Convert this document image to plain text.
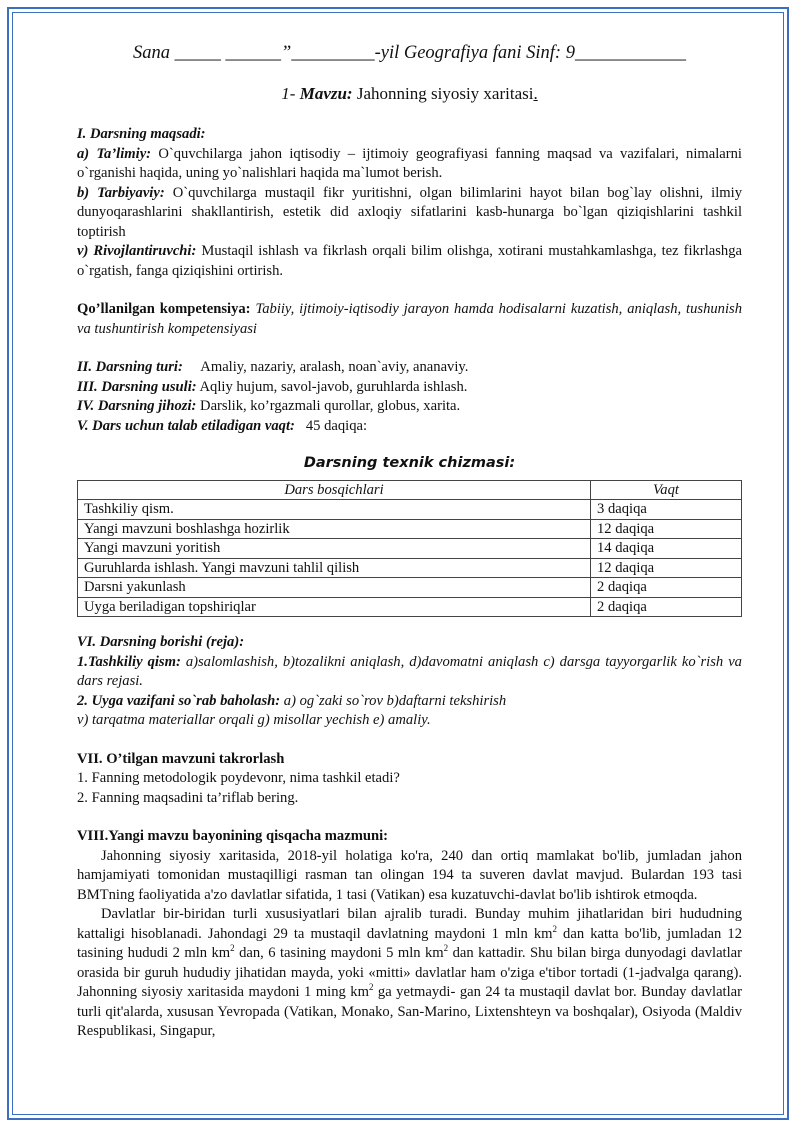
Sana _____ ______”_________-yil Geografiya fani Sinf: 9____________
1- Mavzu: Jahonning siyosiy xaritasi.

I. Darsning maqsadi:

a) Ta’limiy: O`quvchilarga jahon iqtisodiy – ijtimoiy geografiyasi fanning maqsad va vazifalari, nimalarni o`rganishi haqida, uning yo`nalishlari haqida ma`lumot berish.

b) Tarbiyaviy: O`quvchilarga mustaqil fikr yuritishni, olgan bilimlarini hayot bilan bog`lay olishni, ilmiy dunyoqarashlarini shakllantirish, estetik did axloqiy sifatlarini kasb-hunarga bo`lgan qiziqishlarini tashkil toptirish

v) Rivojlantiruvchi: Mustaqil ishlash va fikrlash orqali bilim olishga, xotirani mustahkamlashga, tez fikrlashga o`rgatish, fanga qiziqishini ortirish.

Qo’llanilgan kompetensiya: Tabiiy, ijtimoiy-iqtisodiy jarayon hamda hodisalarni kuzatish, aniqlash, tushunish va tushuntirish kompetensiyasi

II. Darsning turi: Amaliy, nazariy, aralash, noan`aviy, ananaviy.

III. Darsning usuli: Aqliy hujum, savol-javob, guruhlarda ishlash.

IV. Darsning jihozi: Darslik, ko’rgazmali qurollar, globus, xarita.

V. Dars uchun talab etiladigan vaqt: 45 daqiqa:

Darsning texnik chizmasi:
Dars bosqichlari	Vaqt
Tashkiliy qism.	3 daqiqa
Yangi mavzuni boshlashga hozirlik	12 daqiqa
Yangi mavzuni yoritish	14 daqiqa
Guruhlarda ishlash. Yangi mavzuni tahlil qilish	12 daqiqa
Darsni yakunlash	2 daqiqa
Uyga beriladigan topshiriqlar	2 daqiqa

VI. Darsning borishi (reja):

1.Tashkiliy qism: a)salomlashish, b)tozalikni aniqlash, d)davomatni aniqlash c) darsga tayyorgarlik ko`rish va dars rejasi.

2. Uyga vazifani so`rab baholash: a) og`zaki so`rov b)daftarni tekshirish

v) tarqatma materiallar orqali g) misollar yechish e) amaliy.

VII. O’tilgan mavzuni takrorlash

1. Fanning metodologik poydevonr, nima tashkil etadi?

2. Fanning maqsadini ta’riflab bering.

VIII.Yangi mavzu bayonining qisqacha mazmuni:

Jahonning siyosiy xaritasida, 2018-yil holatiga ko'ra, 240 dan ortiq mamlakat bo'lib, jumladan jahon hamjamiyati tomonidan mustaqilligi rasman tan olingan 194 ta suveren davlat mavjud. Bulardan 193 tasi BMTning faoliyatida a'zo davlatlar sifatida, 1 tasi (Vatikan) esa kuzatuvchi-davlat bo'lib ishtirok etmoqda.

Davlatlar bir-biridan turli xususiyatlari bilan ajralib turadi. Bunday muhim jihatlaridan biri hududning kattaligi hisoblanadi. Jahondagi 29 ta mustaqil davlatning maydoni 1 mln $km^2$ dan katta bo'lib, jumladan 12 tasining hududi 2 mln $km^2$ dan, 6 tasining maydoni 5 mln $km^2$ dan kattadir. Shu bilan birga dunyodagi davlatlar orasida bir guruh hududiy jihatidan mayda, yoki «mitti» davlatlar ham o'ziga e'tibor tortadi (1-jadvalga qarang). Jahonning siyosiy xaritasida maydoni 1 ming $km^2$ ga yetmaydi- gan 24 ta mustaqil davlat bor. Bunday davlatlar turli qit'alarda, xususan Yevropada (Vatikan, Monako, San-Marino, Lixtenshteyn va boshqalar), Osiyoda (Maldiv Respublikasi, Singapur,
